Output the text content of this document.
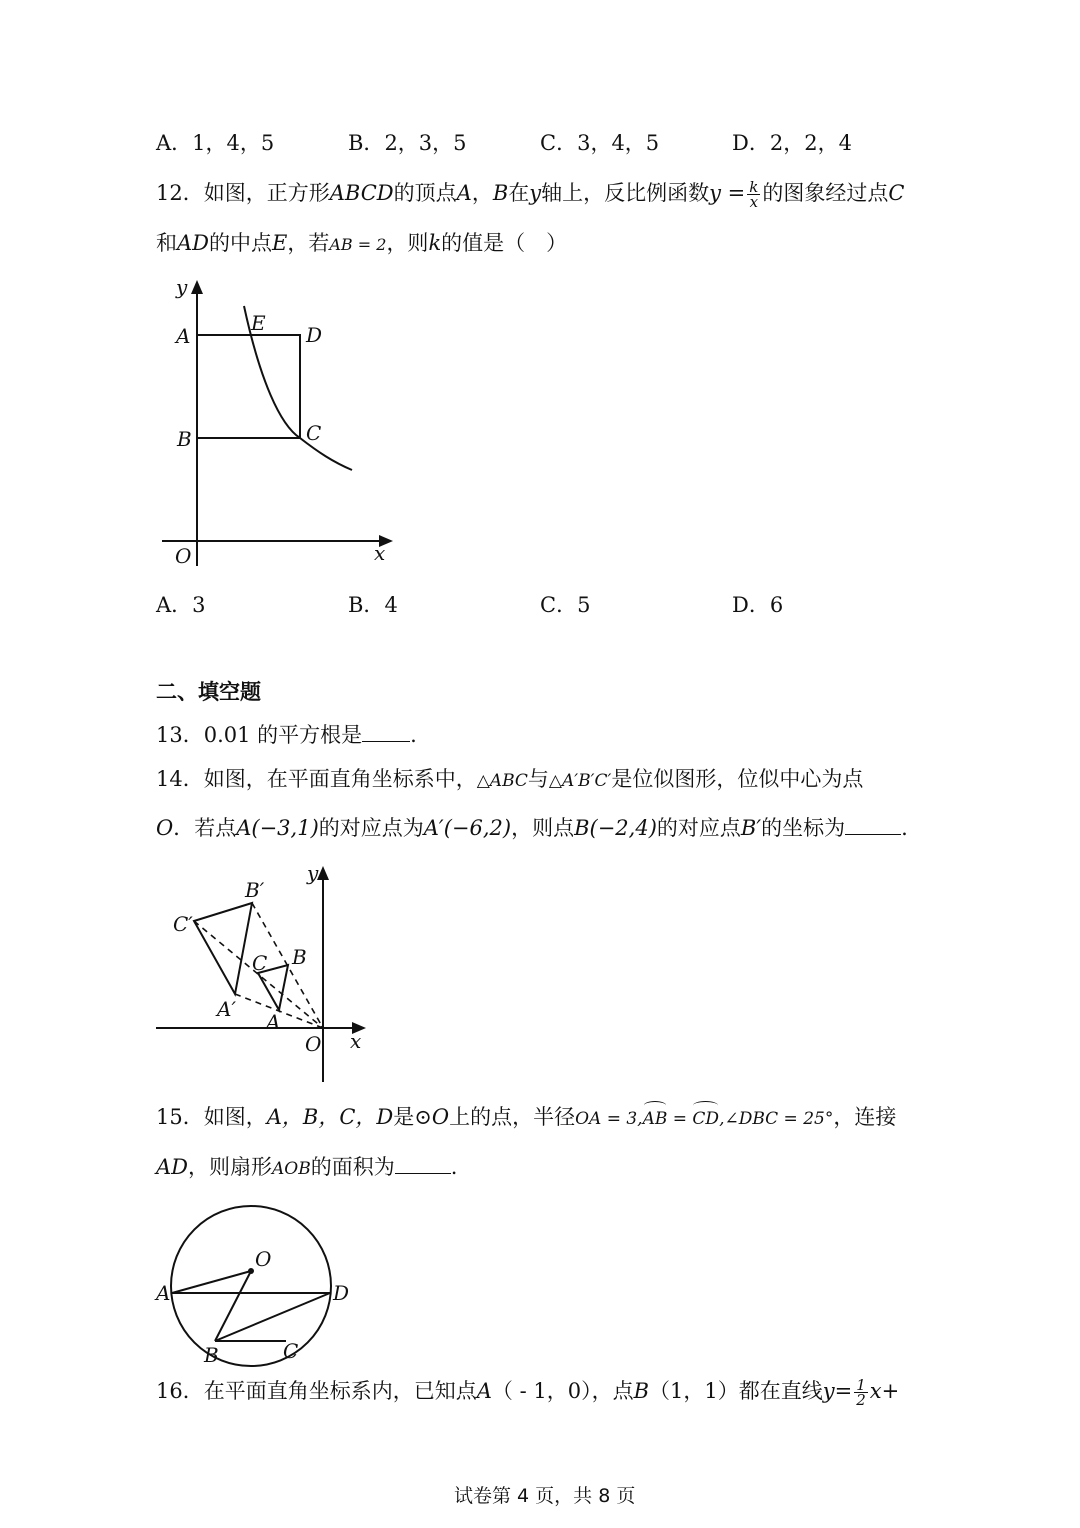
A．1，4，5	B．2，3，5	C．3，4，5	D．2，2，4
12．如图，正方形ABCD的顶点A，B在y轴上，反比例函数$y = \frac{k}{x}$ 的图象经过点C
和AD的中点E，若AB = 2，则k的值是（　）
y
x
O
A
B	C
D
E
A．3	B．4	C．5	D．6
二、填空题
13．0.01 的平方根是 .
14．如图，在平面直角坐标系中，△ABC与△A′B′C′是位似图形，位似中心为点
O．若点A(−3,1)的对应点为A′(−6,2)，则点B(−2,4)的对应点B′的坐标为	.
B′
C′
C B
A′
A
O x
y
15．如图，A，B，C，D是⊙O上的点，半径OA = 3,AB = CD,∠DBC = 25°，连接
AD，则扇形AOB的面积为	.
O
A	D
B	C
16．在平面直角坐标系内，已知点A（ - 1，0），点B（1，1）都在直线$y= \frac{1}{2} x+$
试卷第 4 页，共 8 页
